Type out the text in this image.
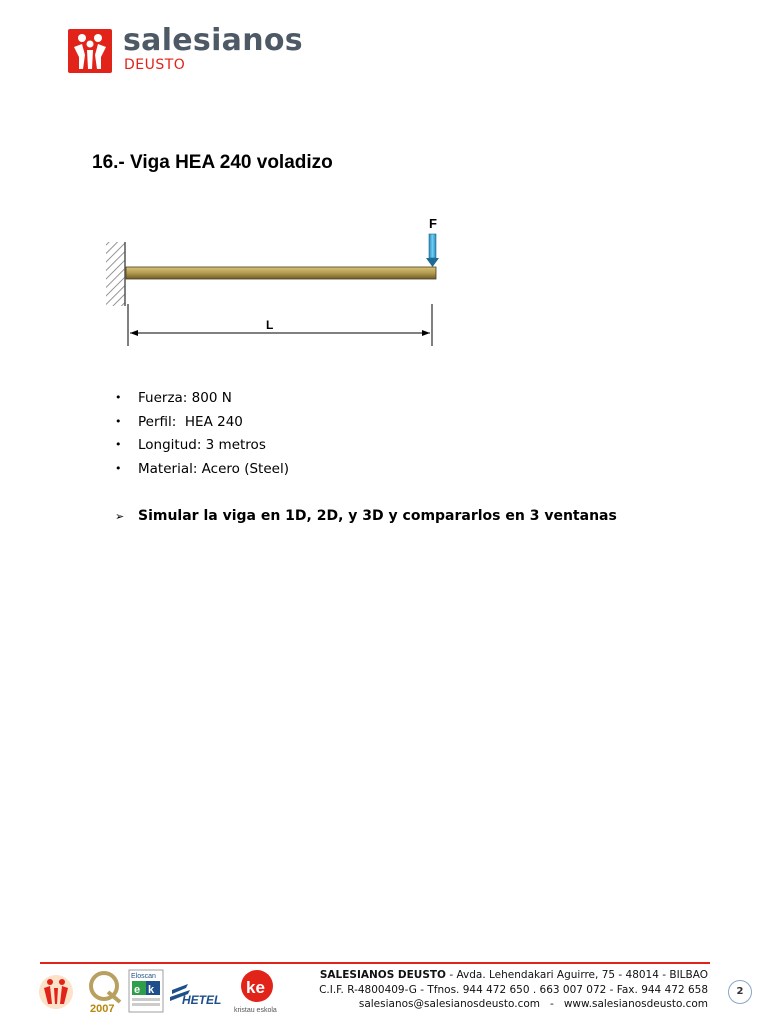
salesianos
DEUSTO
16.- Viga HEA 240 voladizo
F
L
• Fuerza: 800 N
• Perfil:  HEA 240
• Longitud: 3 metros
• Material: Acero (Steel)
➢ Simular la viga en 1D, 2D, y 3D y compararlos en 3 ventanas
2007
Eloscan
e k
HETEL
ke
kristau eskola
SALESIANOS DEUSTO - Avda. Lehendakari Aguirre, 75 - 48014 - BILBAO
C.I.F. R-4800409-G - Tfnos. 944 472 650 . 663 007 072 - Fax. 944 472 658
salesianos@salesianosdeusto.com   -   www.salesianosdeusto.com
2
